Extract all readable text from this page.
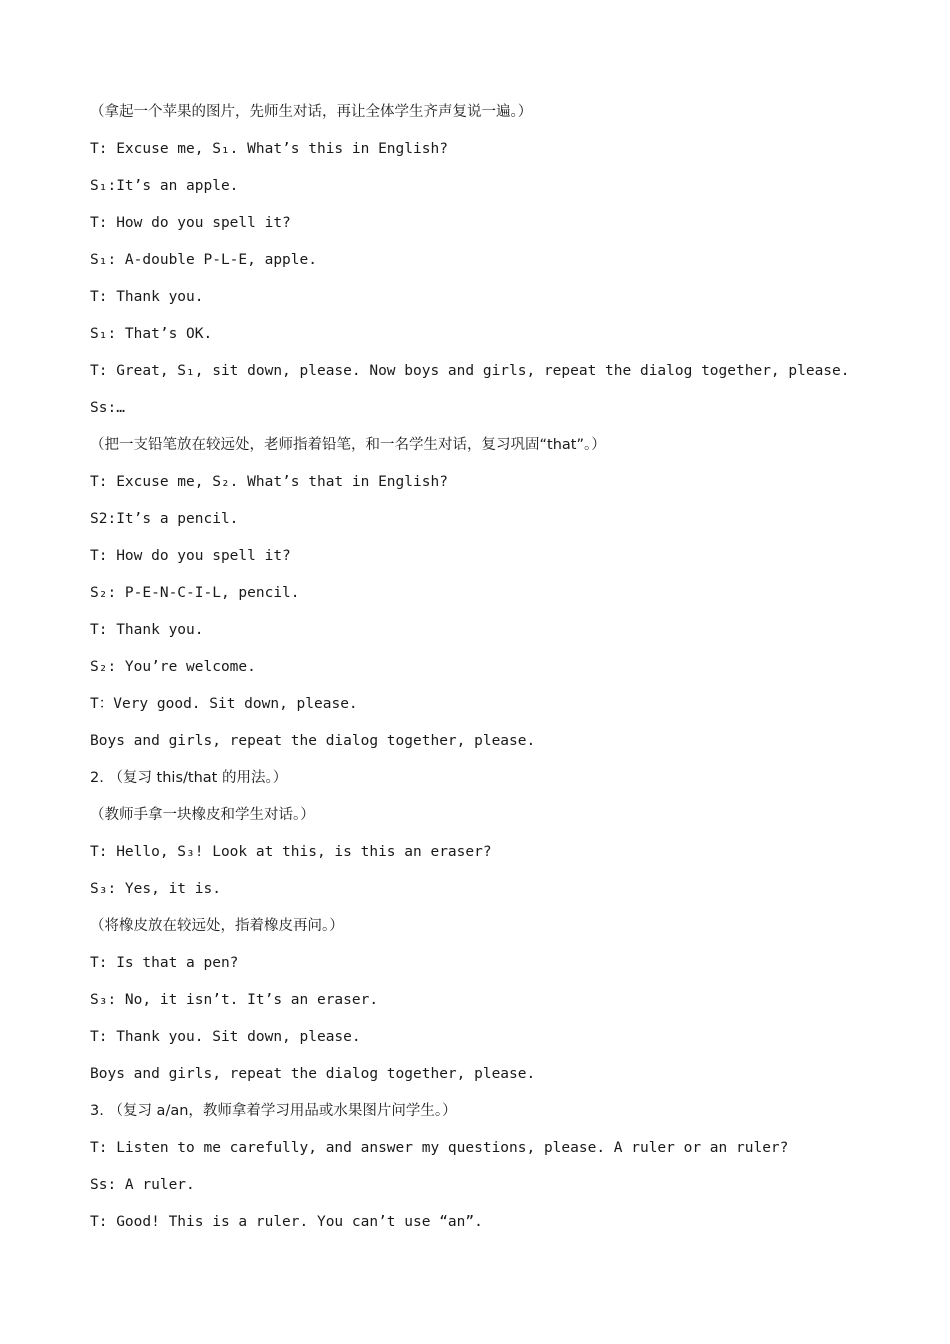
（拿起一个苹果的图片，先师生对话，再让全体学生齐声复说一遍。）
T: Excuse me, S₁. What’s this in English?
S₁:It’s an apple.
T: How do you spell it?
S₁: A-double P-L-E, apple.
T: Thank you.
S₁: That’s OK.
T: Great, S₁, sit down, please. Now boys and girls, repeat the dialog together, please.
Ss:…
（把一支铅笔放在较远处，老师指着铅笔，和一名学生对话，复习巩固“that”。）
T: Excuse me, S₂. What’s that in English?
S2:It’s a pencil.
T: How do you spell it?
S₂: P-E-N-C-I-L, pencil.
T: Thank you.
S₂: You’re welcome.
T：Very good. Sit down, please.
Boys and girls, repeat the dialog together, please.
2. （复习 this/that 的用法。）
（教师手拿一块橡皮和学生对话。）
T: Hello, S₃! Look at this, is this an eraser?
S₃: Yes, it is.
（将橡皮放在较远处，指着橡皮再问。）
T: Is that a pen?
S₃: No, it isn’t. It’s an eraser.
T: Thank you. Sit down, please.
Boys and girls, repeat the dialog together, please.
3. （复习 a/an，教师拿着学习用品或水果图片问学生。）
T: Listen to me carefully, and answer my questions, please. A ruler or an ruler?
Ss: A ruler.
T: Good! This is a ruler. You can’t use “an”.
